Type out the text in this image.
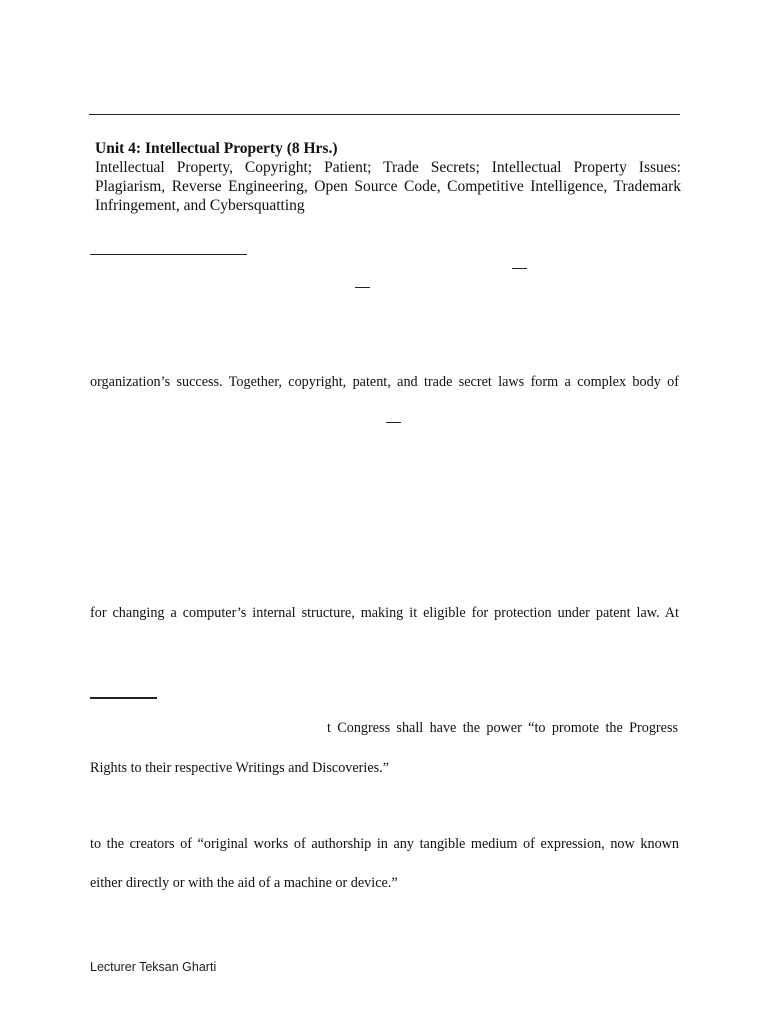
Unit 4: Intellectual Property (8 Hrs.)
Intellectual Property, Copyright; Patient; Trade Secrets; Intellectual Property Issues:
Plagiarism, Reverse Engineering, Open Source Code, Competitive Intelligence, Trademark
Infringement, and Cybersquatting
organization’s success. Together, copyright, patent, and trade secret laws form a complex body of
for changing a computer’s internal structure, making it eligible for protection under patent law. At
t Congress shall have the power “to promote the Progress
Rights to their respective Writings and Discoveries.”
to the creators of “original works of authorship in any tangible medium of expression, now known
either directly or with the aid of a machine or device.”
Lecturer Teksan Gharti
